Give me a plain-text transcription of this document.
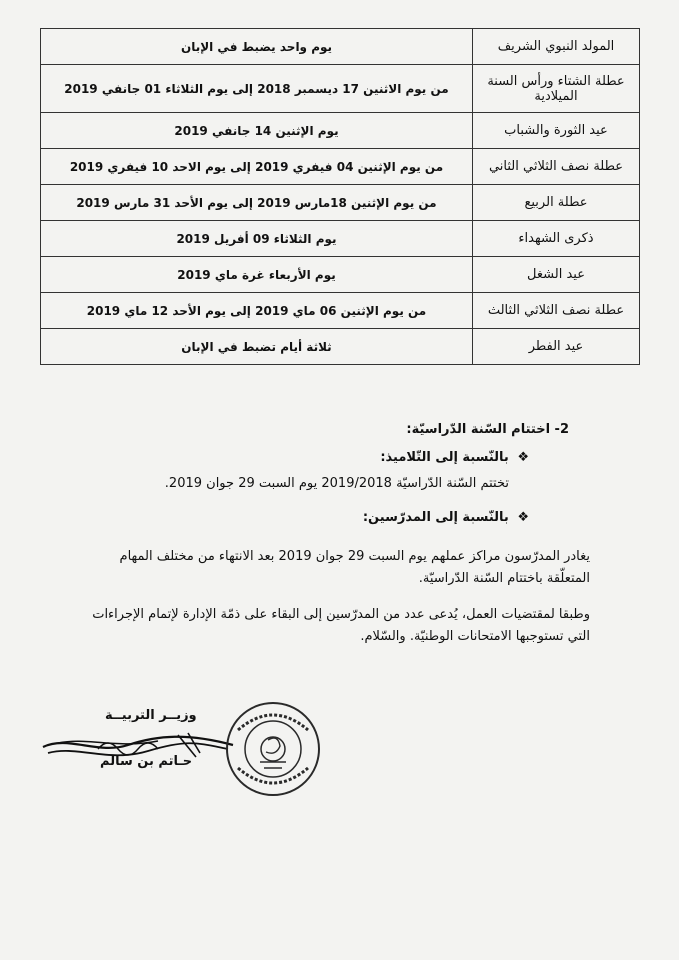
المولد النبوي الشريف	يوم واحد يضبط في الإبان
عطلة الشتاء ورأس السنة الميلادية	من يوم الاثنين 17 ديسمبر 2018 إلى يوم الثلاثاء 01 جانفي 2019
عيد الثورة والشباب	يوم الإثنين 14 جانفي 2019
عطلة نصف الثلاثي الثاني	من يوم الإثنين 04 فيفري 2019 إلى يوم الاحد 10 فيفري 2019
عطلة الربيع	من يوم الإثنين 18مارس 2019 إلى يوم الأحد 31 مارس 2019
ذكرى الشهداء	يوم الثلاثاء 09 أفريل 2019
عيد الشغل	يوم الأربعاء غرة ماي 2019
عطلة نصف الثلاثي الثالث	من يوم الإثنين 06 ماي 2019 إلى يوم الأحد 12 ماي 2019
عيد الفطر	ثلاثة أيام تضبط في الإبان
2- اختتام السّنة الدّراسيّة:
❖ بالنّسبة إلى التّلاميذ:
تختتم السّنة الدّراسيّة 2019/2018 يوم السبت 29 جوان 2019.
❖ بالنّسبة إلى المدرّسين:

يغادر المدرّسون مراكز عملهم يوم السبت 29 جوان 2019 بعد الانتهاء من مختلف المهام المتعلّقة باختتام السّنة الدّراسيّة.

وطبقا لمقتضيات العمل، يُدعى عدد من المدرّسين إلى البقاء على ذمّة الإدارة لإتمام الإجراءات التي تستوجبها الامتحانات الوطنيّة. والسّلام.

وزيــر التربيــة
حـاتم بن سالم
